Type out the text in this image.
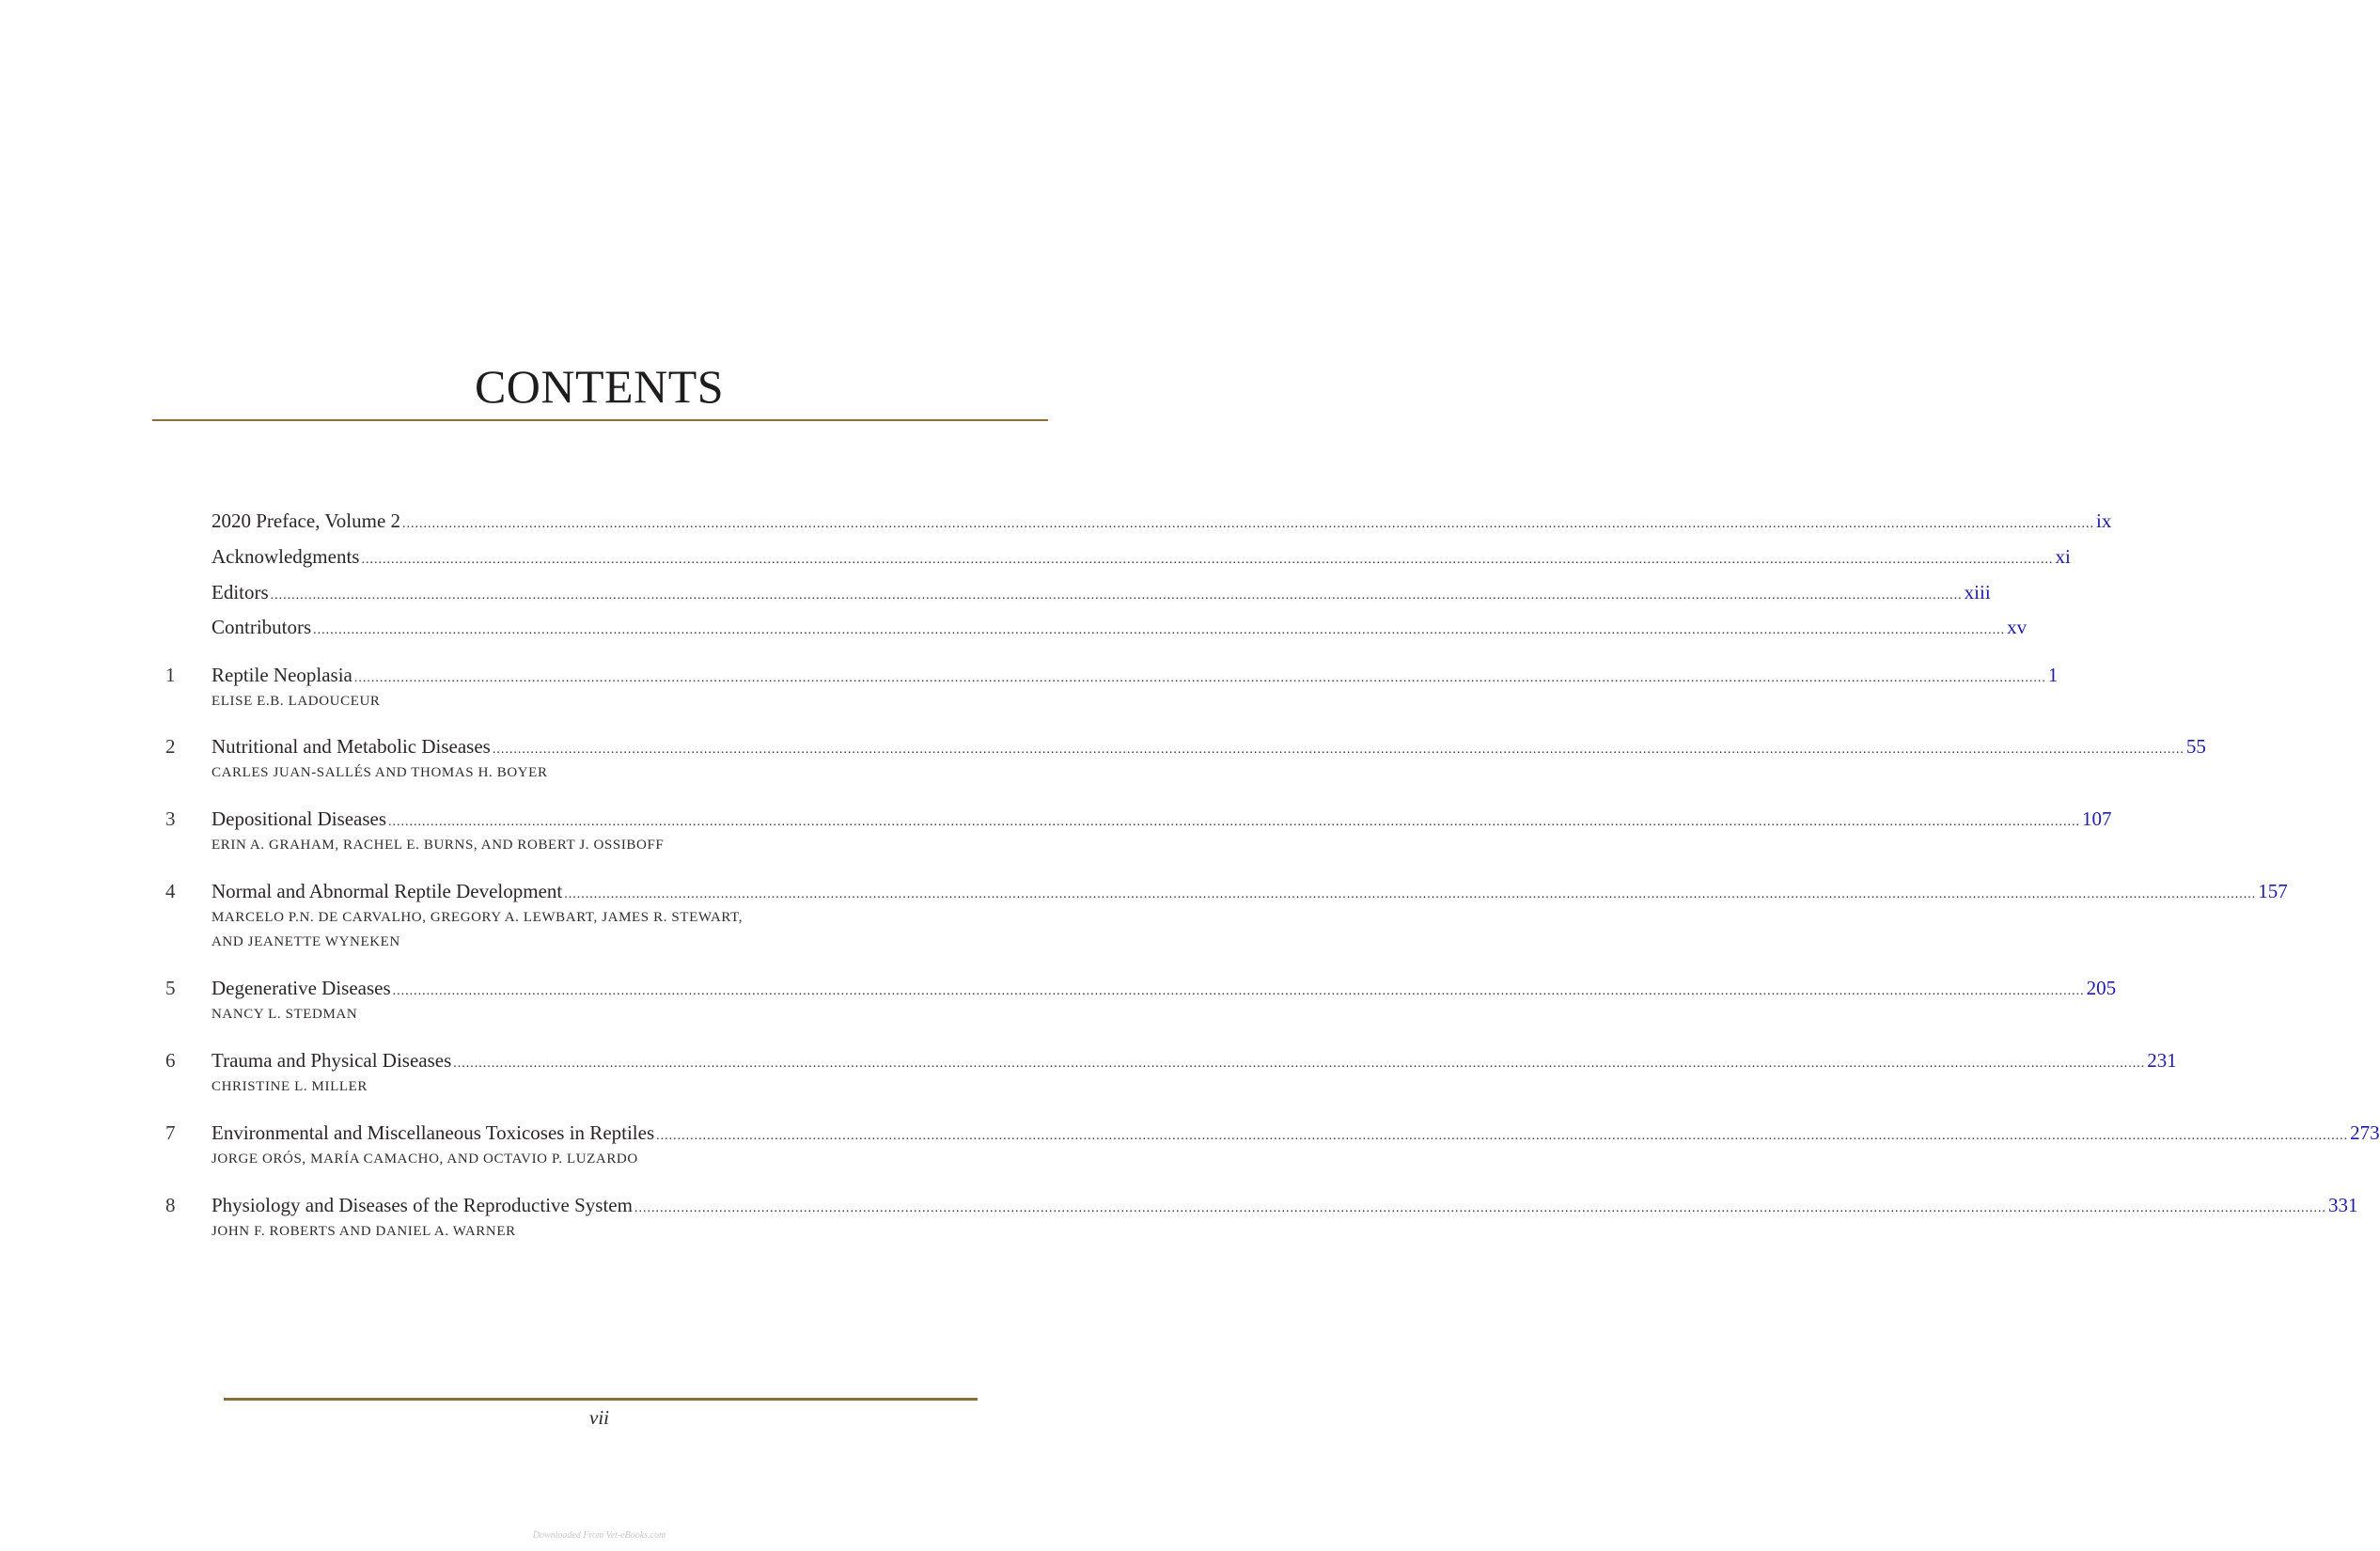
CONTENTS
2020 Preface, Volume 2 ................................................................................................................................................................................................................................................................................................................................................................................................................ ix
Acknowledgments ................................................................................................................................................................................................................................................................................................................................................................................................................ xi
Editors ................................................................................................................................................................................................................................................................................................................................................................................................................ xiii
Contributors ................................................................................................................................................................................................................................................................................................................................................................................................................ xv
1 Reptile Neoplasia ................................................................................................................................................................................................................................................................................................................................................................................................................ 1
ELISE E.B. LADOUCEUR
2 Nutritional and Metabolic Diseases ................................................................................................................................................................................................................................................................................................................................................................................................................ 55
CARLES JUAN-SALLÉS AND THOMAS H. BOYER
3 Depositional Diseases ................................................................................................................................................................................................................................................................................................................................................................................................................ 107
ERIN A. GRAHAM, RACHEL E. BURNS, AND ROBERT J. OSSIBOFF
4 Normal and Abnormal Reptile Development ................................................................................................................................................................................................................................................................................................................................................................................................................ 157
MARCELO P.N. DE CARVALHO, GREGORY A. LEWBART, JAMES R. STEWART,
AND JEANETTE WYNEKEN
5 Degenerative Diseases ................................................................................................................................................................................................................................................................................................................................................................................................................ 205
NANCY L. STEDMAN
6 Trauma and Physical Diseases ................................................................................................................................................................................................................................................................................................................................................................................................................ 231
CHRISTINE L. MILLER
7 Environmental and Miscellaneous Toxicoses in Reptiles ................................................................................................................................................................................................................................................................................................................................................................................................................ 273
JORGE ORÓS, MARÍA CAMACHO, AND OCTAVIO P. LUZARDO
8 Physiology and Diseases of the Reproductive System ................................................................................................................................................................................................................................................................................................................................................................................................................ 331
JOHN F. ROBERTS AND DANIEL A. WARNER
vii
Downloaded From Vet-eBooks.com
